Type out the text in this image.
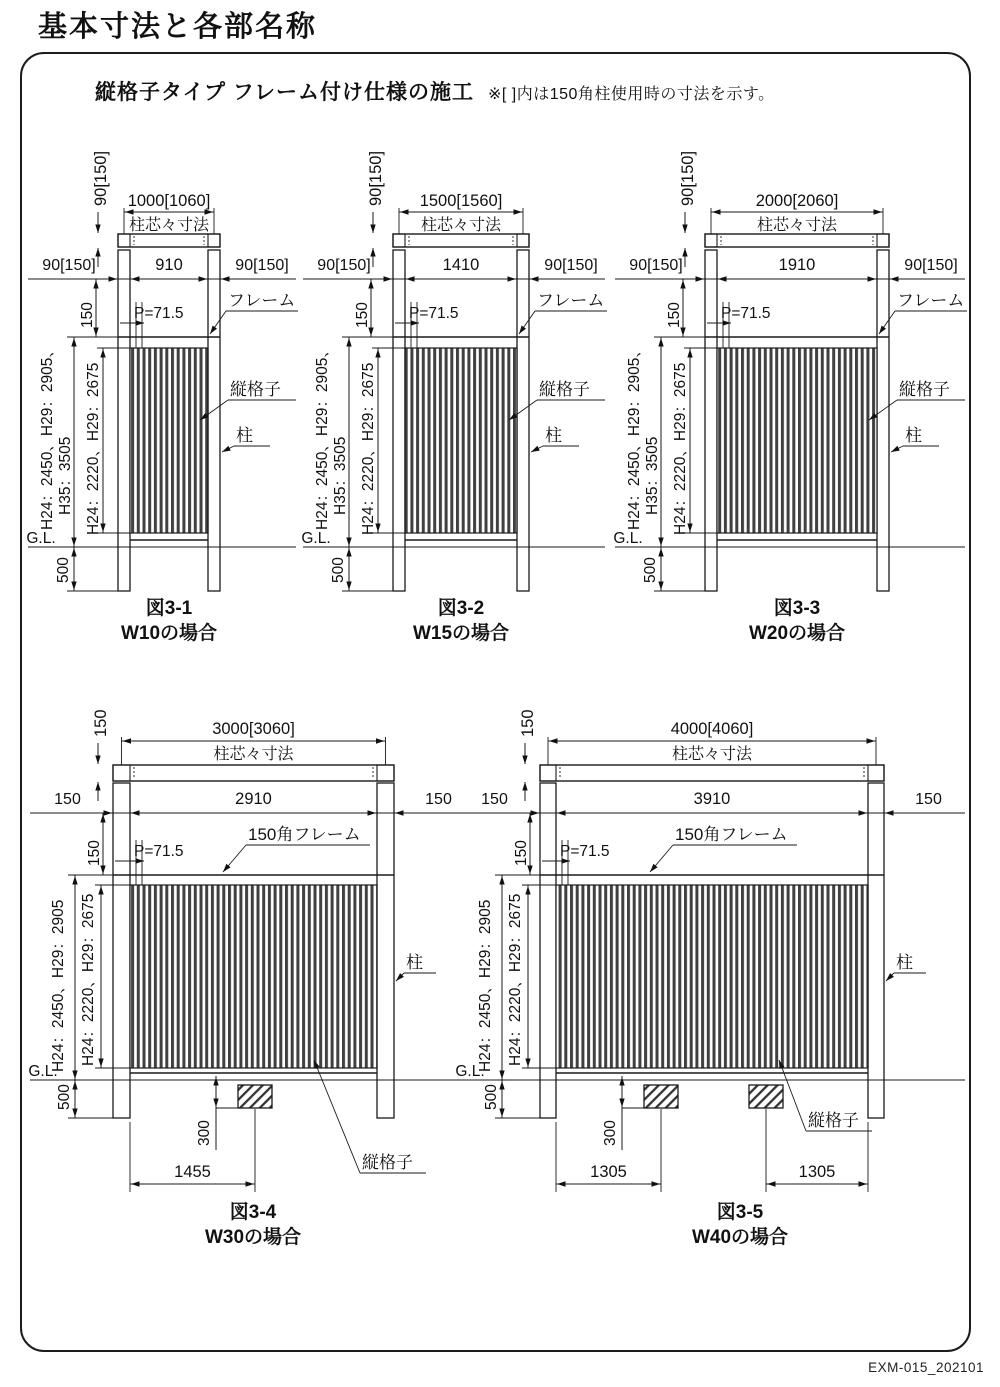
基本寸法と各部名称
縦格子タイプ フレーム付け仕様の施工 ※[ ]内は150角柱使用時の寸法を示す。
G.L.
1000[1060]
柱芯々寸法
90[150]
90[150]	910	90[150]
150 P=71.5
H24：2450、H29：2905、 H35：3505 H24：2220、H29：2675
500
フレーム
縦格子
柱
図3-1
W10の場合
G.L.
1500[1560]
柱芯々寸法
90[150]
90[150]	1410	90[150]
150 P=71.5
H24：2450、H29：2905、 H35：3505 H24：2220、H29：2675
500
フレーム
縦格子
柱
図3-2
W15の場合
G.L.
2000[2060]
柱芯々寸法
90[150]
90[150]	1910	90[150]
150 P=71.5
H24：2450、H29：2905、 H35：3505 H24：2220、H29：2675
500
フレーム
縦格子
柱
図3-3
W20の場合
G.L.
3000[3060]
柱芯々寸法
150
150	2910	150
150 P=71.5
H24：2450、H29：2905 H24：2220、H29：2675
500
150角フレーム
柱
縦格子
300
1455
図3-4
W30の場合
G.L.
4000[4060]
柱芯々寸法
150
150	3910	150
150 P=71.5
H24：2450、H29：2905 H24：2220、H29：2675
500
150角フレーム
柱
縦格子
300
1305	1305
図3-5
W40の場合
EXM-015_202101
